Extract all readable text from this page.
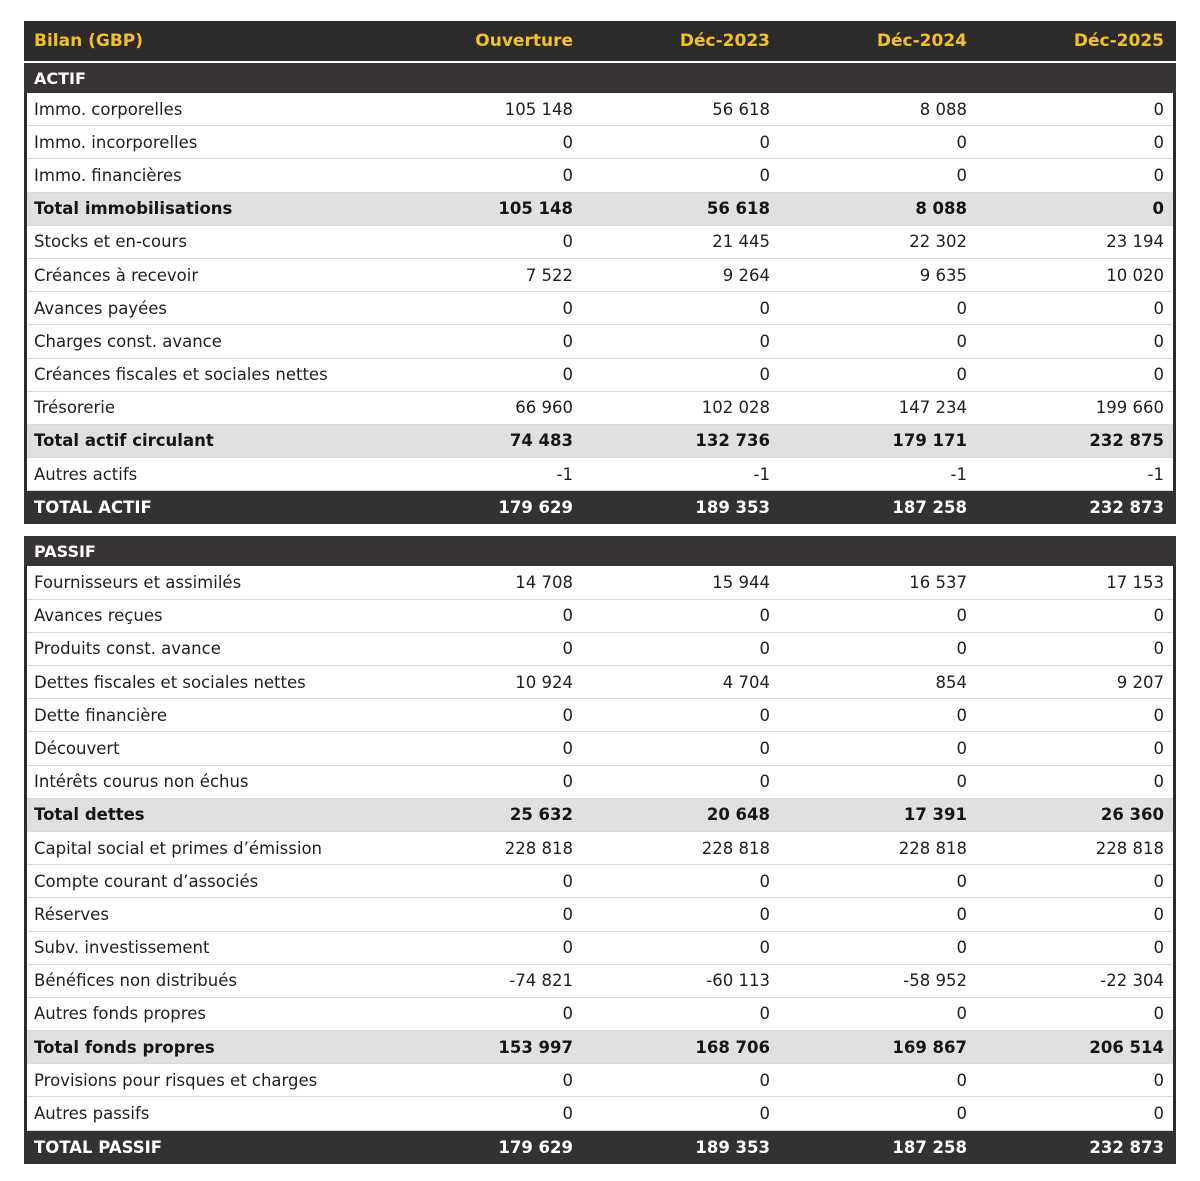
Bilan (GBP)	Ouverture	Déc-2023	Déc-2024	Déc-2025
ACTIF
Immo. corporelles	105 148	56 618	8 088	0
Immo. incorporelles	0	0	0	0
Immo. financières	0	0	0	0
Total immobilisations	105 148	56 618	8 088	0
Stocks et en-cours	0	21 445	22 302	23 194
Créances à recevoir	7 522	9 264	9 635	10 020
Avances payées	0	0	0	0
Charges const. avance	0	0	0	0
Créances fiscales et sociales nettes	0	0	0	0
Trésorerie	66 960	102 028	147 234	199 660
Total actif circulant	74 483	132 736	179 171	232 875
Autres actifs	-1	-1	-1	-1
TOTAL ACTIF	179 629	189 353	187 258	232 873
PASSIF
Fournisseurs et assimilés	14 708	15 944	16 537	17 153
Avances reçues	0	0	0	0
Produits const. avance	0	0	0	0
Dettes fiscales et sociales nettes	10 924	4 704	854	9 207
Dette financière	0	0	0	0
Découvert	0	0	0	0
Intérêts courus non échus	0	0	0	0
Total dettes	25 632	20 648	17 391	26 360
Capital social et primes d’émission	228 818	228 818	228 818	228 818
Compte courant d’associés	0	0	0	0
Réserves	0	0	0	0
Subv. investissement	0	0	0	0
Bénéfices non distribués	-74 821	-60 113	-58 952	-22 304
Autres fonds propres	0	0	0	0
Total fonds propres	153 997	168 706	169 867	206 514
Provisions pour risques et charges	0	0	0	0
Autres passifs	0	0	0	0
TOTAL PASSIF	179 629	189 353	187 258	232 873
